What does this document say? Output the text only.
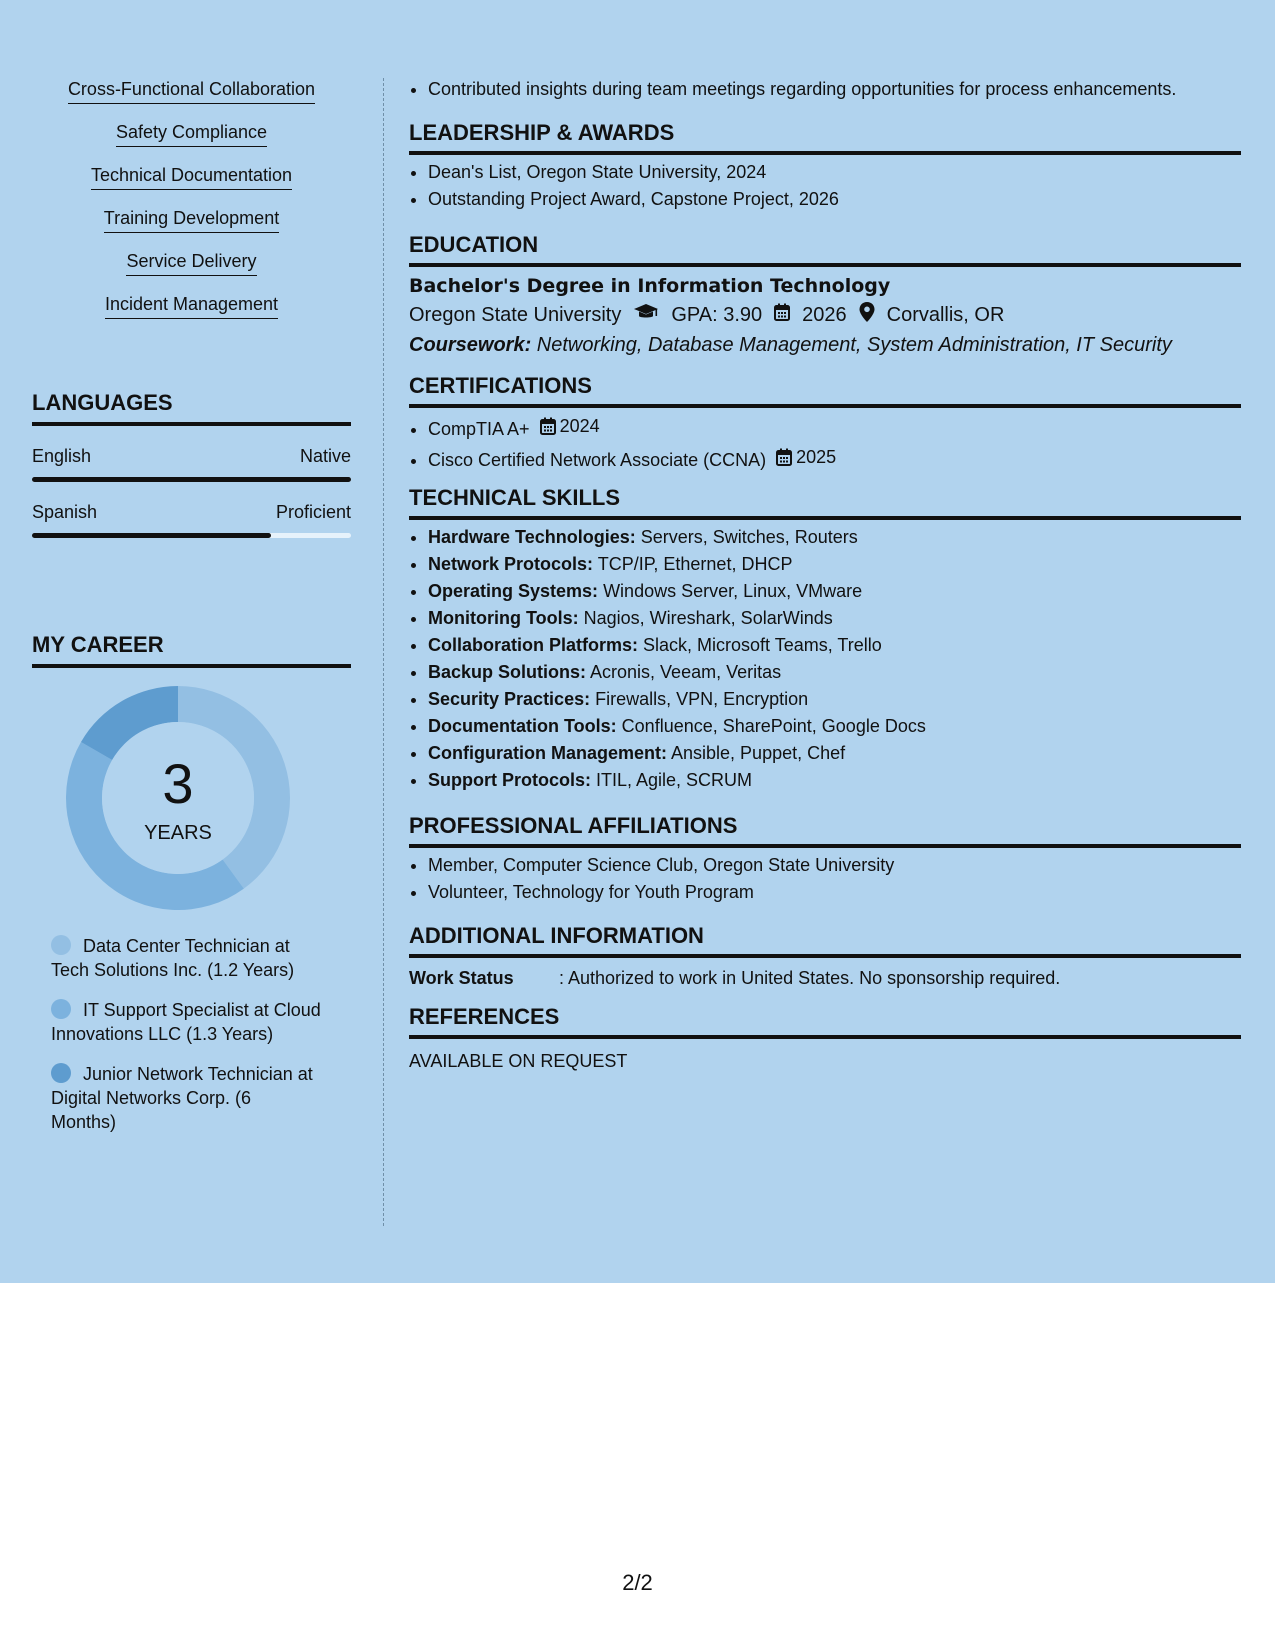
Cross-Functional Collaboration
Safety Compliance
Technical Documentation
Training Development
Service Delivery
Incident Management
LANGUAGES
English	Native
Spanish	Proficient
MY CAREER
3
YEARS
Data Center Technician at Tech Solutions Inc. (1.2 Years)
IT Support Specialist at Cloud Innovations LLC (1.3 Years)
Junior Network Technician at Digital Networks Corp. (6 Months)
• Contributed insights during team meetings regarding opportunities for process enhancements.
LEADERSHIP & AWARDS
• Dean's List, Oregon State University, 2024
• Outstanding Project Award, Capstone Project, 2026
EDUCATION
Bachelor's Degree in Information Technology
Oregon State University	GPA: 3.90 2026 Corvallis, OR
Coursework: Networking, Database Management, System Administration, IT Security
CERTIFICATIONS
• CompTIA A+ 2024
• Cisco Certified Network Associate (CCNA) 2025
TECHNICAL SKILLS
• Hardware Technologies: Servers, Switches, Routers
• Network Protocols: TCP/IP, Ethernet, DHCP
• Operating Systems: Windows Server, Linux, VMware
• Monitoring Tools: Nagios, Wireshark, SolarWinds
• Collaboration Platforms: Slack, Microsoft Teams, Trello
• Backup Solutions: Acronis, Veeam, Veritas
• Security Practices: Firewalls, VPN, Encryption
• Documentation Tools: Confluence, SharePoint, Google Docs
• Configuration Management: Ansible, Puppet, Chef
• Support Protocols: ITIL, Agile, SCRUM
PROFESSIONAL AFFILIATIONS
• Member, Computer Science Club, Oregon State University
• Volunteer, Technology for Youth Program
ADDITIONAL INFORMATION
Work Status	: Authorized to work in United States. No sponsorship required.
REFERENCES
AVAILABLE ON REQUEST
2/2
